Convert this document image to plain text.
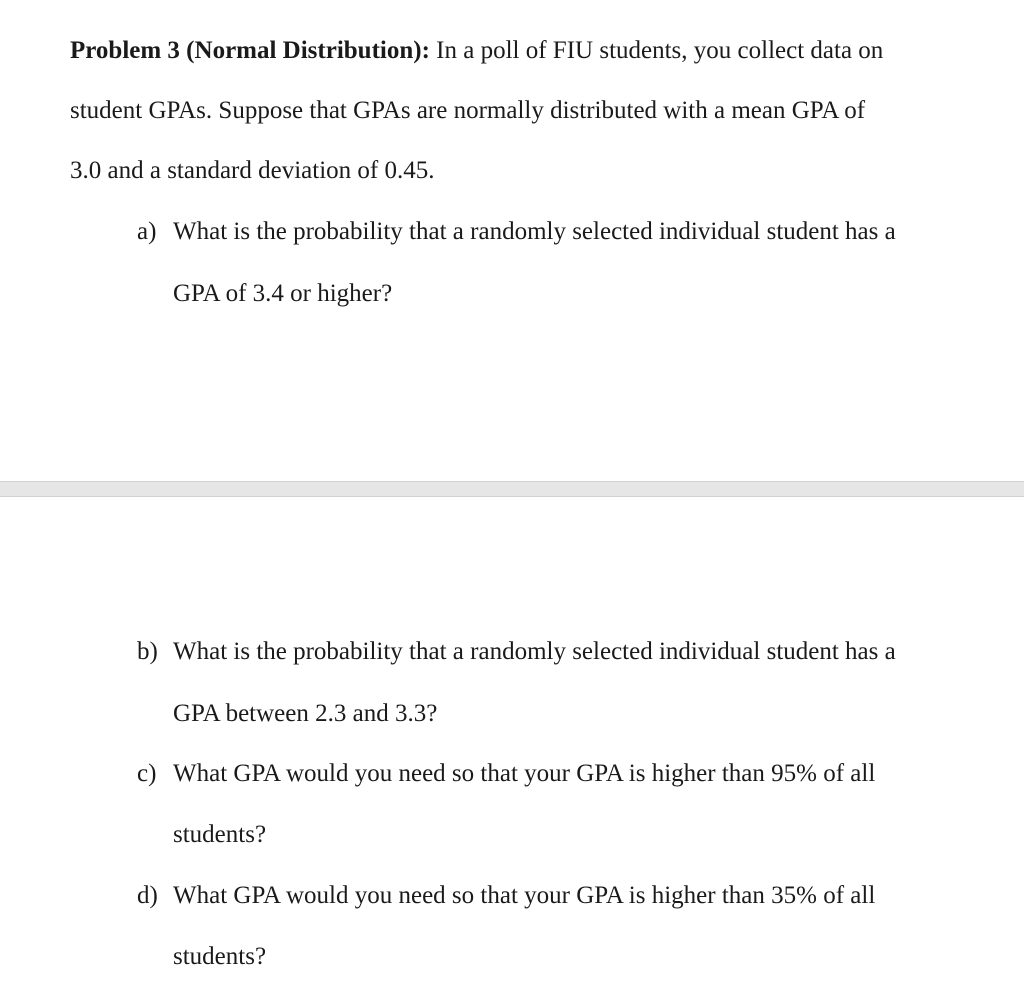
Problem 3 (Normal Distribution): In a poll of FIU students, you collect data on
student GPAs. Suppose that GPAs are normally distributed with a mean GPA of
3.0 and a standard deviation of 0.45.
a) What is the probability that a randomly selected individual student has a
GPA of 3.4 or higher?
b) What is the probability that a randomly selected individual student has a
GPA between 2.3 and 3.3?
c) What GPA would you need so that your GPA is higher than 95% of all
students?
d) What GPA would you need so that your GPA is higher than 35% of all
students?
